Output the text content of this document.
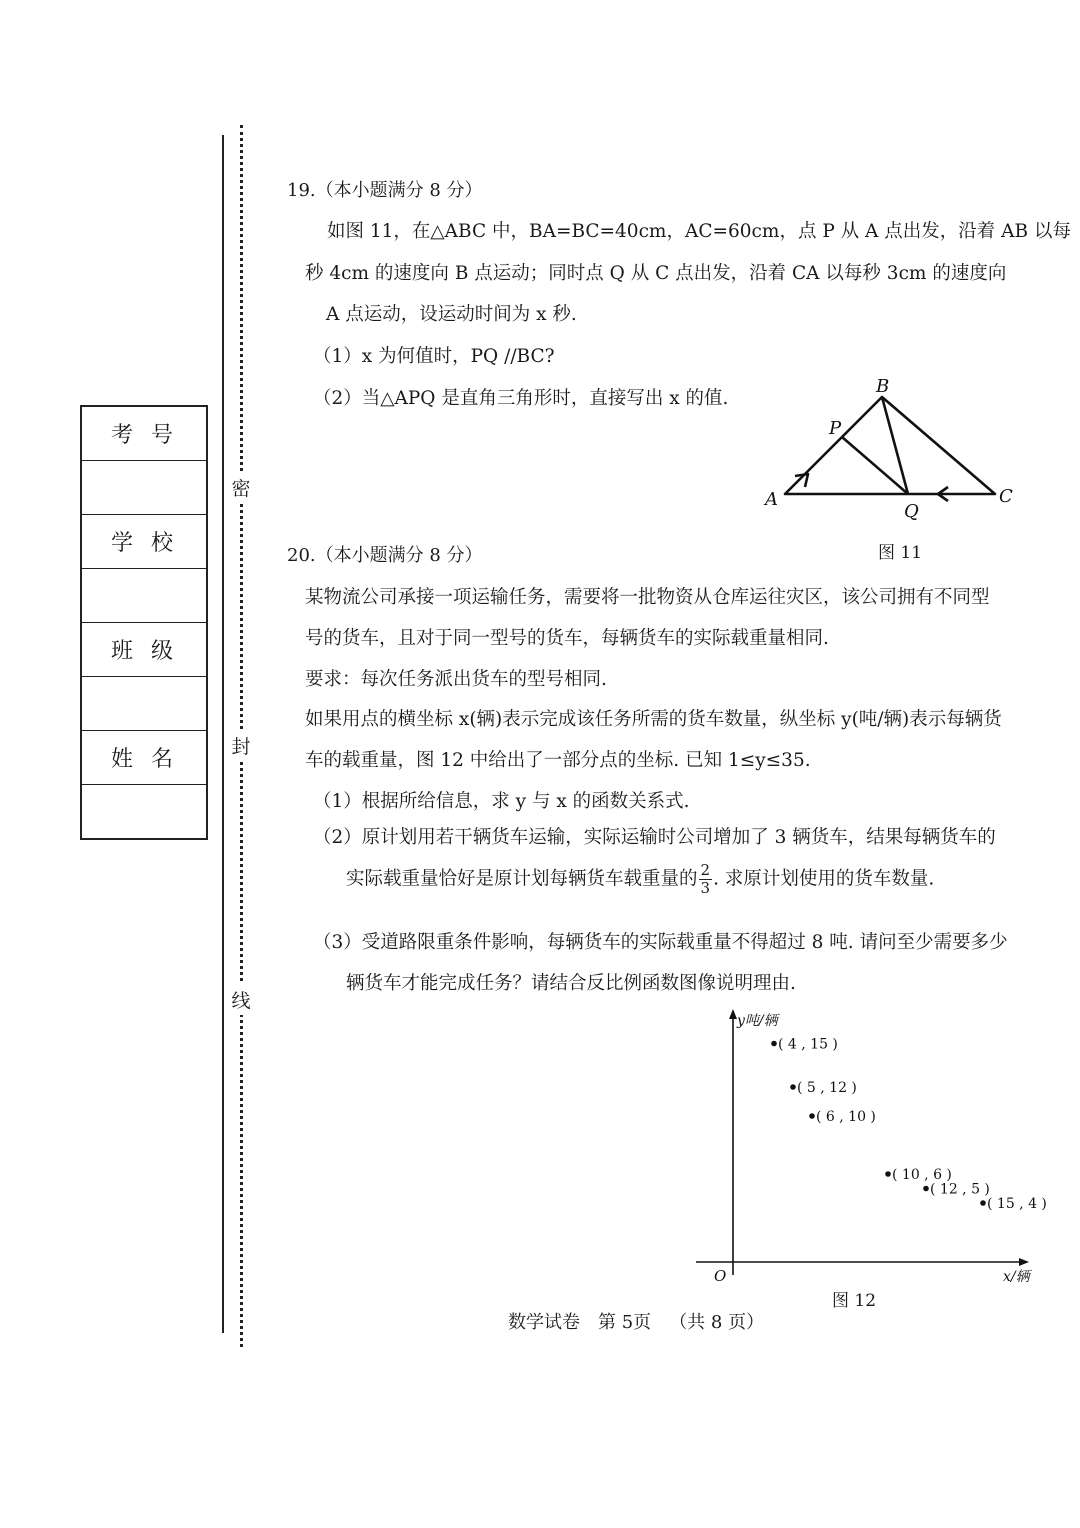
密
封
线
考号

学校

班级

姓名

19.（本小题满分 8 分）
如图 11，在△ABC 中，BA=BC=40cm，AC=60cm，点 P 从 A 点出发，沿着 AB 以每
秒 4cm 的速度向 B 点运动；同时点 Q 从 C 点出发，沿着 CA 以每秒 3cm 的速度向
A 点运动，设运动时间为 x 秒.
（1）x 为何值时，PQ //BC?
（2）当△APQ 是直角三角形时，直接写出 x 的值.
A
B
C
P
Q
图 11
20.（本小题满分 8 分）
某物流公司承接一项运输任务，需要将一批物资从仓库运往灾区，该公司拥有不同型
号的货车，且对于同一型号的货车，每辆货车的实际载重量相同.
要求：每次任务派出货车的型号相同.
如果用点的横坐标 x(辆)表示完成该任务所需的货车数量，纵坐标 y(吨/辆)表示每辆货
车的载重量，图 12 中给出了一部分点的坐标. 已知 1≤y≤35.
（1）根据所给信息，求 y 与 x 的函数关系式.
（2）原计划用若干辆货车运输，实际运输时公司增加了 3 辆货车，结果每辆货车的
实际载重量恰好是原计划每辆货车载重量的 $\frac{2}{3}$ . 求原计划使用的货车数量.
（3）受道路限重条件影响，每辆货车的实际载重量不得超过 8 吨. 请问至少需要多少
辆货车才能完成任务？请结合反比例函数图像说明理由.
y吨/辆
x/辆
O
( 4 , 15 )
( 5 , 12 )
( 6 , 10 )
( 10 , 6 )
( 12 , 5 )
( 15 , 4 )
图 12
数学试卷 第 5页 （共 8 页）
